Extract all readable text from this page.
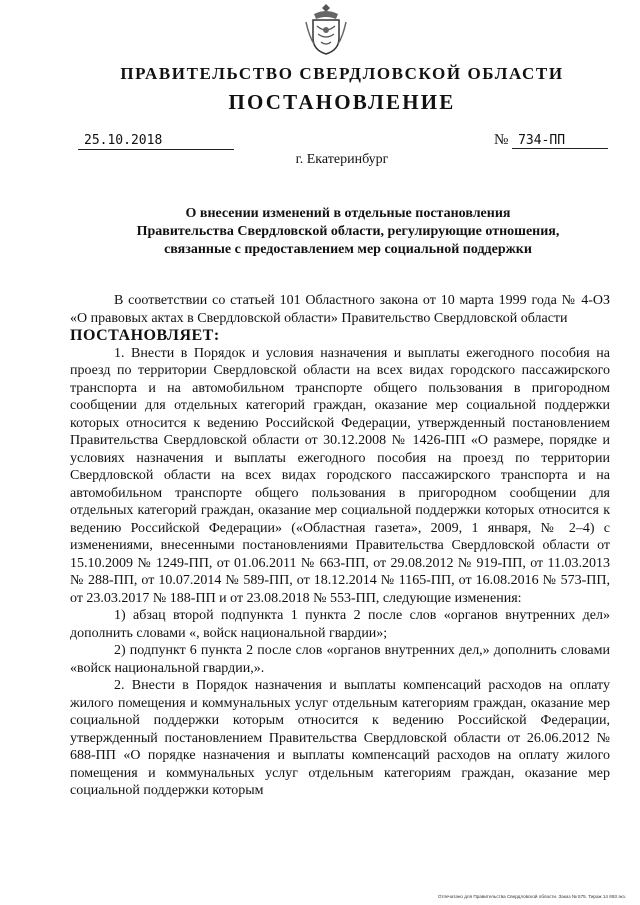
ПРАВИТЕЛЬСТВО СВЕРДЛОВСКОЙ ОБЛАСТИ
ПОСТАНОВЛЕНИЕ
25.10.2018	№ 734-ПП
г. Екатеринбург
О внесении изменений в отдельные постановления
Правительства Свердловской области, регулирующие отношения,
связанные с предоставлением мер социальной поддержки

В соответствии со статьей 101 Областного закона от 10 марта 1999 года № 4-ОЗ «О правовых актах в Свердловской области» Правительство Свердловской области

ПОСТАНОВЛЯЕТ:

1. Внести в Порядок и условия назначения и выплаты ежегодного пособия на проезд по территории Свердловской области на всех видах городского пассажирского транспорта и на автомобильном транспорте общего пользования в пригородном сообщении для отдельных категорий граждан, оказание мер социальной поддержки которых относится к ведению Российской Федерации, утвержденный постановлением Правительства Свердловской области от 30.12.2008 № 1426-ПП «О размере, порядке и условиях назначения и выплаты ежегодного пособия на проезд по территории Свердловской области на всех видах городского пассажирского транспорта и на автомобильном транспорте общего пользования в пригородном сообщении для отдельных категорий граждан, оказание мер социальной поддержки которых относится к ведению Российской Федерации» («Областная газета», 2009, 1 января, № 2–4) с изменениями, внесенными постановлениями Правительства Свердловской области от 15.10.2009 № 1249-ПП, от 01.06.2011 № 663-ПП, от 29.08.2012 № 919-ПП, от 11.03.2013 № 288-ПП, от 10.07.2014 № 589-ПП, от 18.12.2014 № 1165-ПП, от 16.08.2016 № 573-ПП, от 23.03.2017 № 188-ПП и от 23.08.2018 № 553-ПП, следующие изменения:

1) абзац второй подпункта 1 пункта 2 после слов «органов внутренних дел» дополнить словами «, войск национальной гвардии»;

2) подпункт 6 пункта 2 после слов «органов внутренних дел,» дополнить словами «войск национальной гвардии,».

2. Внести в Порядок назначения и выплаты компенсаций расходов на оплату жилого помещения и коммунальных услуг отдельным категориям граждан, оказание мер социальной поддержки которым относится к ведению Российской Федерации, утвержденный постановлением Правительства Свердловской области от 26.06.2012 № 688-ПП «О порядке назначения и выплаты компенсаций расходов на оплату жилого помещения и коммунальных услуг отдельным категориям граждан, оказание мер социальной поддержки которым

Отпечатано для Правительства Свердловской области. Заказ № 575. Тираж 14 693 экз.
